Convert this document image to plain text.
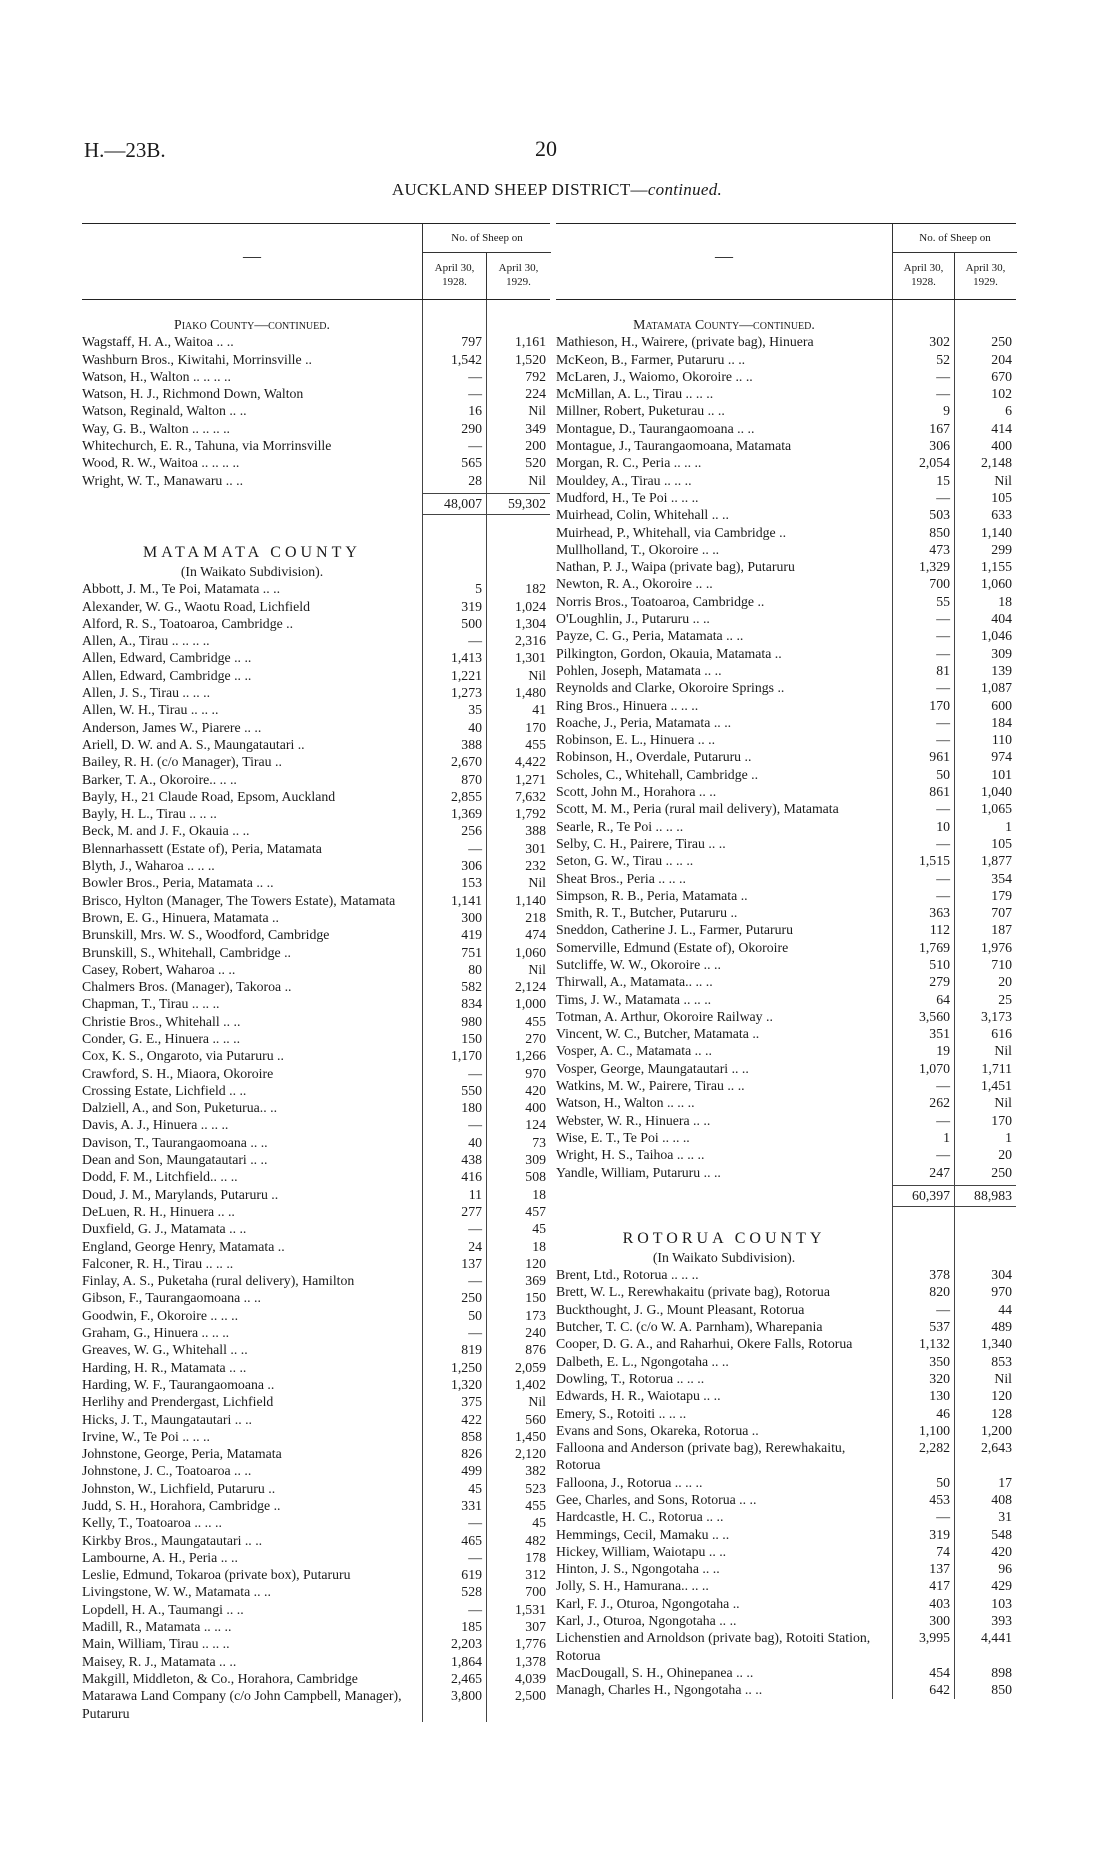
H.—23B.	20
AUCKLAND SHEEP DISTRICT—continued.
—
No. of Sheep on
April 30,
1928.
April 30,
1929.
Piako County—continued.
Wagstaff, H. A., Waitoa .. ..	797	1,161
Washburn Bros., Kiwitahi, Morrinsville ..	1,542	1,520
Watson, H., Walton .. .. .. ..	—	792
Watson, H. J., Richmond Down, Walton	—	224
Watson, Reginald, Walton .. ..	16	Nil
Way, G. B., Walton .. .. .. ..	290	349
Whitechurch, E. R., Tahuna, via Morrinsville	—	200
Wood, R. W., Waitoa .. .. .. ..	565	520
Wright, W. T., Manawaru .. ..	28	Nil
48,007	59,302
MATAMATA COUNTY
(In Waikato Subdivision).
Abbott, J. M., Te Poi, Matamata .. ..	5	182
Alexander, W. G., Waotu Road, Lichfield	319	1,024
Alford, R. S., Toatoaroa, Cambridge ..	500	1,304
Allen, A., Tirau .. .. .. ..	—	2,316
Allen, Edward, Cambridge .. ..	1,413	1,301
Allen, Edward, Cambridge .. ..	1,221	Nil
Allen, J. S., Tirau .. .. ..	1,273	1,480
Allen, W. H., Tirau .. .. ..	35	41
Anderson, James W., Piarere .. ..	40	170
Ariell, D. W. and A. S., Maungatautari ..	388	455
Bailey, R. H. (c/o Manager), Tirau ..	2,670	4,422
Barker, T. A., Okoroire.. .. ..	870	1,271
Bayly, H., 21 Claude Road, Epsom, Auckland	2,855	7,632
Bayly, H. L., Tirau .. .. ..	1,369	1,792
Beck, M. and J. F., Okauia .. ..	256	388
Blennarhassett (Estate of), Peria, Matamata	—	301
Blyth, J., Waharoa .. .. ..	306	232
Bowler Bros., Peria, Matamata .. ..	153	Nil
Brisco, Hylton (Manager, The Towers Estate), Matamata	1,141	1,140
Brown, E. G., Hinuera, Matamata ..	300	218
Brunskill, Mrs. W. S., Woodford, Cambridge	419	474
Brunskill, S., Whitehall, Cambridge ..	751	1,060
Casey, Robert, Waharoa .. ..	80	Nil
Chalmers Bros. (Manager), Takoroa ..	582	2,124
Chapman, T., Tirau .. .. ..	834	1,000
Christie Bros., Whitehall .. ..	980	455
Conder, G. E., Hinuera .. .. ..	150	270
Cox, K. S., Ongaroto, via Putaruru ..	1,170	1,266
Crawford, S. H., Miaora, Okoroire	—	970
Crossing Estate, Lichfield .. ..	550	420
Dalziell, A., and Son, Puketurua.. ..	180	400
Davis, A. J., Hinuera .. .. ..	—	124
Davison, T., Taurangaomoana .. ..	40	73
Dean and Son, Maungatautari .. ..	438	309
Dodd, F. M., Litchfield.. .. ..	416	508
Doud, J. M., Marylands, Putaruru ..	11	18
DeLuen, R. H., Hinuera .. ..	277	457
Duxfield, G. J., Matamata .. ..	—	45
England, George Henry, Matamata ..	24	18
Falconer, R. H., Tirau .. .. ..	137	120
Finlay, A. S., Puketaha (rural delivery), Hamilton	—	369
Gibson, F., Taurangaomoana .. ..	250	150
Goodwin, F., Okoroire .. .. ..	50	173
Graham, G., Hinuera .. .. ..	—	240
Greaves, W. G., Whitehall .. ..	819	876
Harding, H. R., Matamata .. ..	1,250	2,059
Harding, W. F., Taurangaomoana ..	1,320	1,402
Herlihy and Prendergast, Lichfield	375	Nil
Hicks, J. T., Maungatautari .. ..	422	560
Irvine, W., Te Poi .. .. ..	858	1,450
Johnstone, George, Peria, Matamata	826	2,120
Johnstone, J. C., Toatoaroa .. ..	499	382
Johnston, W., Lichfield, Putaruru ..	45	523
Judd, S. H., Horahora, Cambridge ..	331	455
Kelly, T., Toatoaroa .. .. ..	—	45
Kirkby Bros., Maungatautari .. ..	465	482
Lambourne, A. H., Peria .. ..	—	178
Leslie, Edmund, Tokaroa (private box), Putaruru	619	312
Livingstone, W. W., Matamata .. ..	528	700
Lopdell, H. A., Taumangi .. ..	—	1,531
Madill, R., Matamata .. .. ..	185	307
Main, William, Tirau .. .. ..	2,203	1,776
Maisey, R. J., Matamata .. ..	1,864	1,378
Makgill, Middleton, & Co., Horahora, Cambridge	2,465	4,039
Matarawa Land Company (c/o John Campbell, Manager), Putaruru
3,800	2,500
—
No. of Sheep on
April 30,
1928.
April 30,
1929.
Matamata County—continued.
Mathieson, H., Wairere, (private bag), Hinuera	302	250
McKeon, B., Farmer, Putaruru .. ..	52	204
McLaren, J., Waiomo, Okoroire .. ..	—	670
McMillan, A. L., Tirau .. .. ..	—	102
Millner, Robert, Puketurau .. ..	9	6
Montague, D., Taurangaomoana .. ..	167	414
Montague, J., Taurangaomoana, Matamata	306	400
Morgan, R. C., Peria .. .. ..	2,054	2,148
Mouldey, A., Tirau .. .. ..	15	Nil
Mudford, H., Te Poi .. .. ..	—	105
Muirhead, Colin, Whitehall .. ..	503	633
Muirhead, P., Whitehall, via Cambridge ..	850	1,140
Mullholland, T., Okoroire .. ..	473	299
Nathan, P. J., Waipa (private bag), Putaruru	1,329	1,155
Newton, R. A., Okoroire .. ..	700	1,060
Norris Bros., Toatoaroa, Cambridge ..	55	18
O'Loughlin, J., Putaruru .. ..	—	404
Payze, C. G., Peria, Matamata .. ..	—	1,046
Pilkington, Gordon, Okauia, Matamata ..	—	309
Pohlen, Joseph, Matamata .. ..	81	139
Reynolds and Clarke, Okoroire Springs ..	—	1,087
Ring Bros., Hinuera .. .. ..	170	600
Roache, J., Peria, Matamata .. ..	—	184
Robinson, E. L., Hinuera .. ..	—	110
Robinson, H., Overdale, Putaruru ..	961	974
Scholes, C., Whitehall, Cambridge ..	50	101
Scott, John M., Horahora .. ..	861	1,040
Scott, M. M., Peria (rural mail delivery), Matamata	—	1,065
Searle, R., Te Poi .. .. ..	10	1
Selby, C. H., Pairere, Tirau .. ..	—	105
Seton, G. W., Tirau .. .. ..	1,515	1,877
Sheat Bros., Peria .. .. ..	—	354
Simpson, R. B., Peria, Matamata ..	—	179
Smith, R. T., Butcher, Putaruru ..	363	707
Sneddon, Catherine J. L., Farmer, Putaruru	112	187
Somerville, Edmund (Estate of), Okoroire	1,769	1,976
Sutcliffe, W. W., Okoroire .. ..	510	710
Thirwall, A., Matamata.. .. ..	279	20
Tims, J. W., Matamata .. .. ..	64	25
Totman, A. Arthur, Okoroire Railway ..	3,560	3,173
Vincent, W. C., Butcher, Matamata ..	351	616
Vosper, A. C., Matamata .. ..	19	Nil
Vosper, George, Maungatautari .. ..	1,070	1,711
Watkins, M. W., Pairere, Tirau .. ..	—	1,451
Watson, H., Walton .. .. ..	262	Nil
Webster, W. R., Hinuera .. ..	—	170
Wise, E. T., Te Poi .. .. ..	1	1
Wright, H. S., Taihoa .. .. ..	—	20
Yandle, William, Putaruru .. ..	247	250
60,397	88,983
ROTORUA COUNTY
(In Waikato Subdivision).
Brent, Ltd., Rotorua .. .. ..	378	304
Brett, W. L., Rerewhakaitu (private bag), Rotorua	820	970
Buckthought, J. G., Mount Pleasant, Rotorua	—	44
Butcher, T. C. (c/o W. A. Parnham), Wharepania	537	489
Cooper, D. G. A., and Raharhui, Okere Falls, Rotorua	1,132	1,340
Dalbeth, E. L., Ngongotaha .. ..	350	853
Dowling, T., Rotorua .. .. ..	320	Nil
Edwards, H. R., Waiotapu .. ..	130	120
Emery, S., Rotoiti .. .. ..	46	128
Evans and Sons, Okareka, Rotorua ..	1,100	1,200
Falloona and Anderson (private bag), Rerewhakaitu, Rotorua
2,282	2,643
Falloona, J., Rotorua .. .. ..	50	17
Gee, Charles, and Sons, Rotorua .. ..	453	408
Hardcastle, H. C., Rotorua .. ..	—	31
Hemmings, Cecil, Mamaku .. ..	319	548
Hickey, William, Waiotapu .. ..	74	420
Hinton, J. S., Ngongotaha .. ..	137	96
Jolly, S. H., Hamurana.. .. ..	417	429
Karl, F. J., Oturoa, Ngongotaha ..	403	103
Karl, J., Oturoa, Ngongotaha .. ..	300	393
Lichenstien and Arnoldson (private bag), Rotoiti Station, Rotorua
3,995	4,441
MacDougall, S. H., Ohinepanea .. ..	454	898
Managh, Charles H., Ngongotaha .. ..	642	850
